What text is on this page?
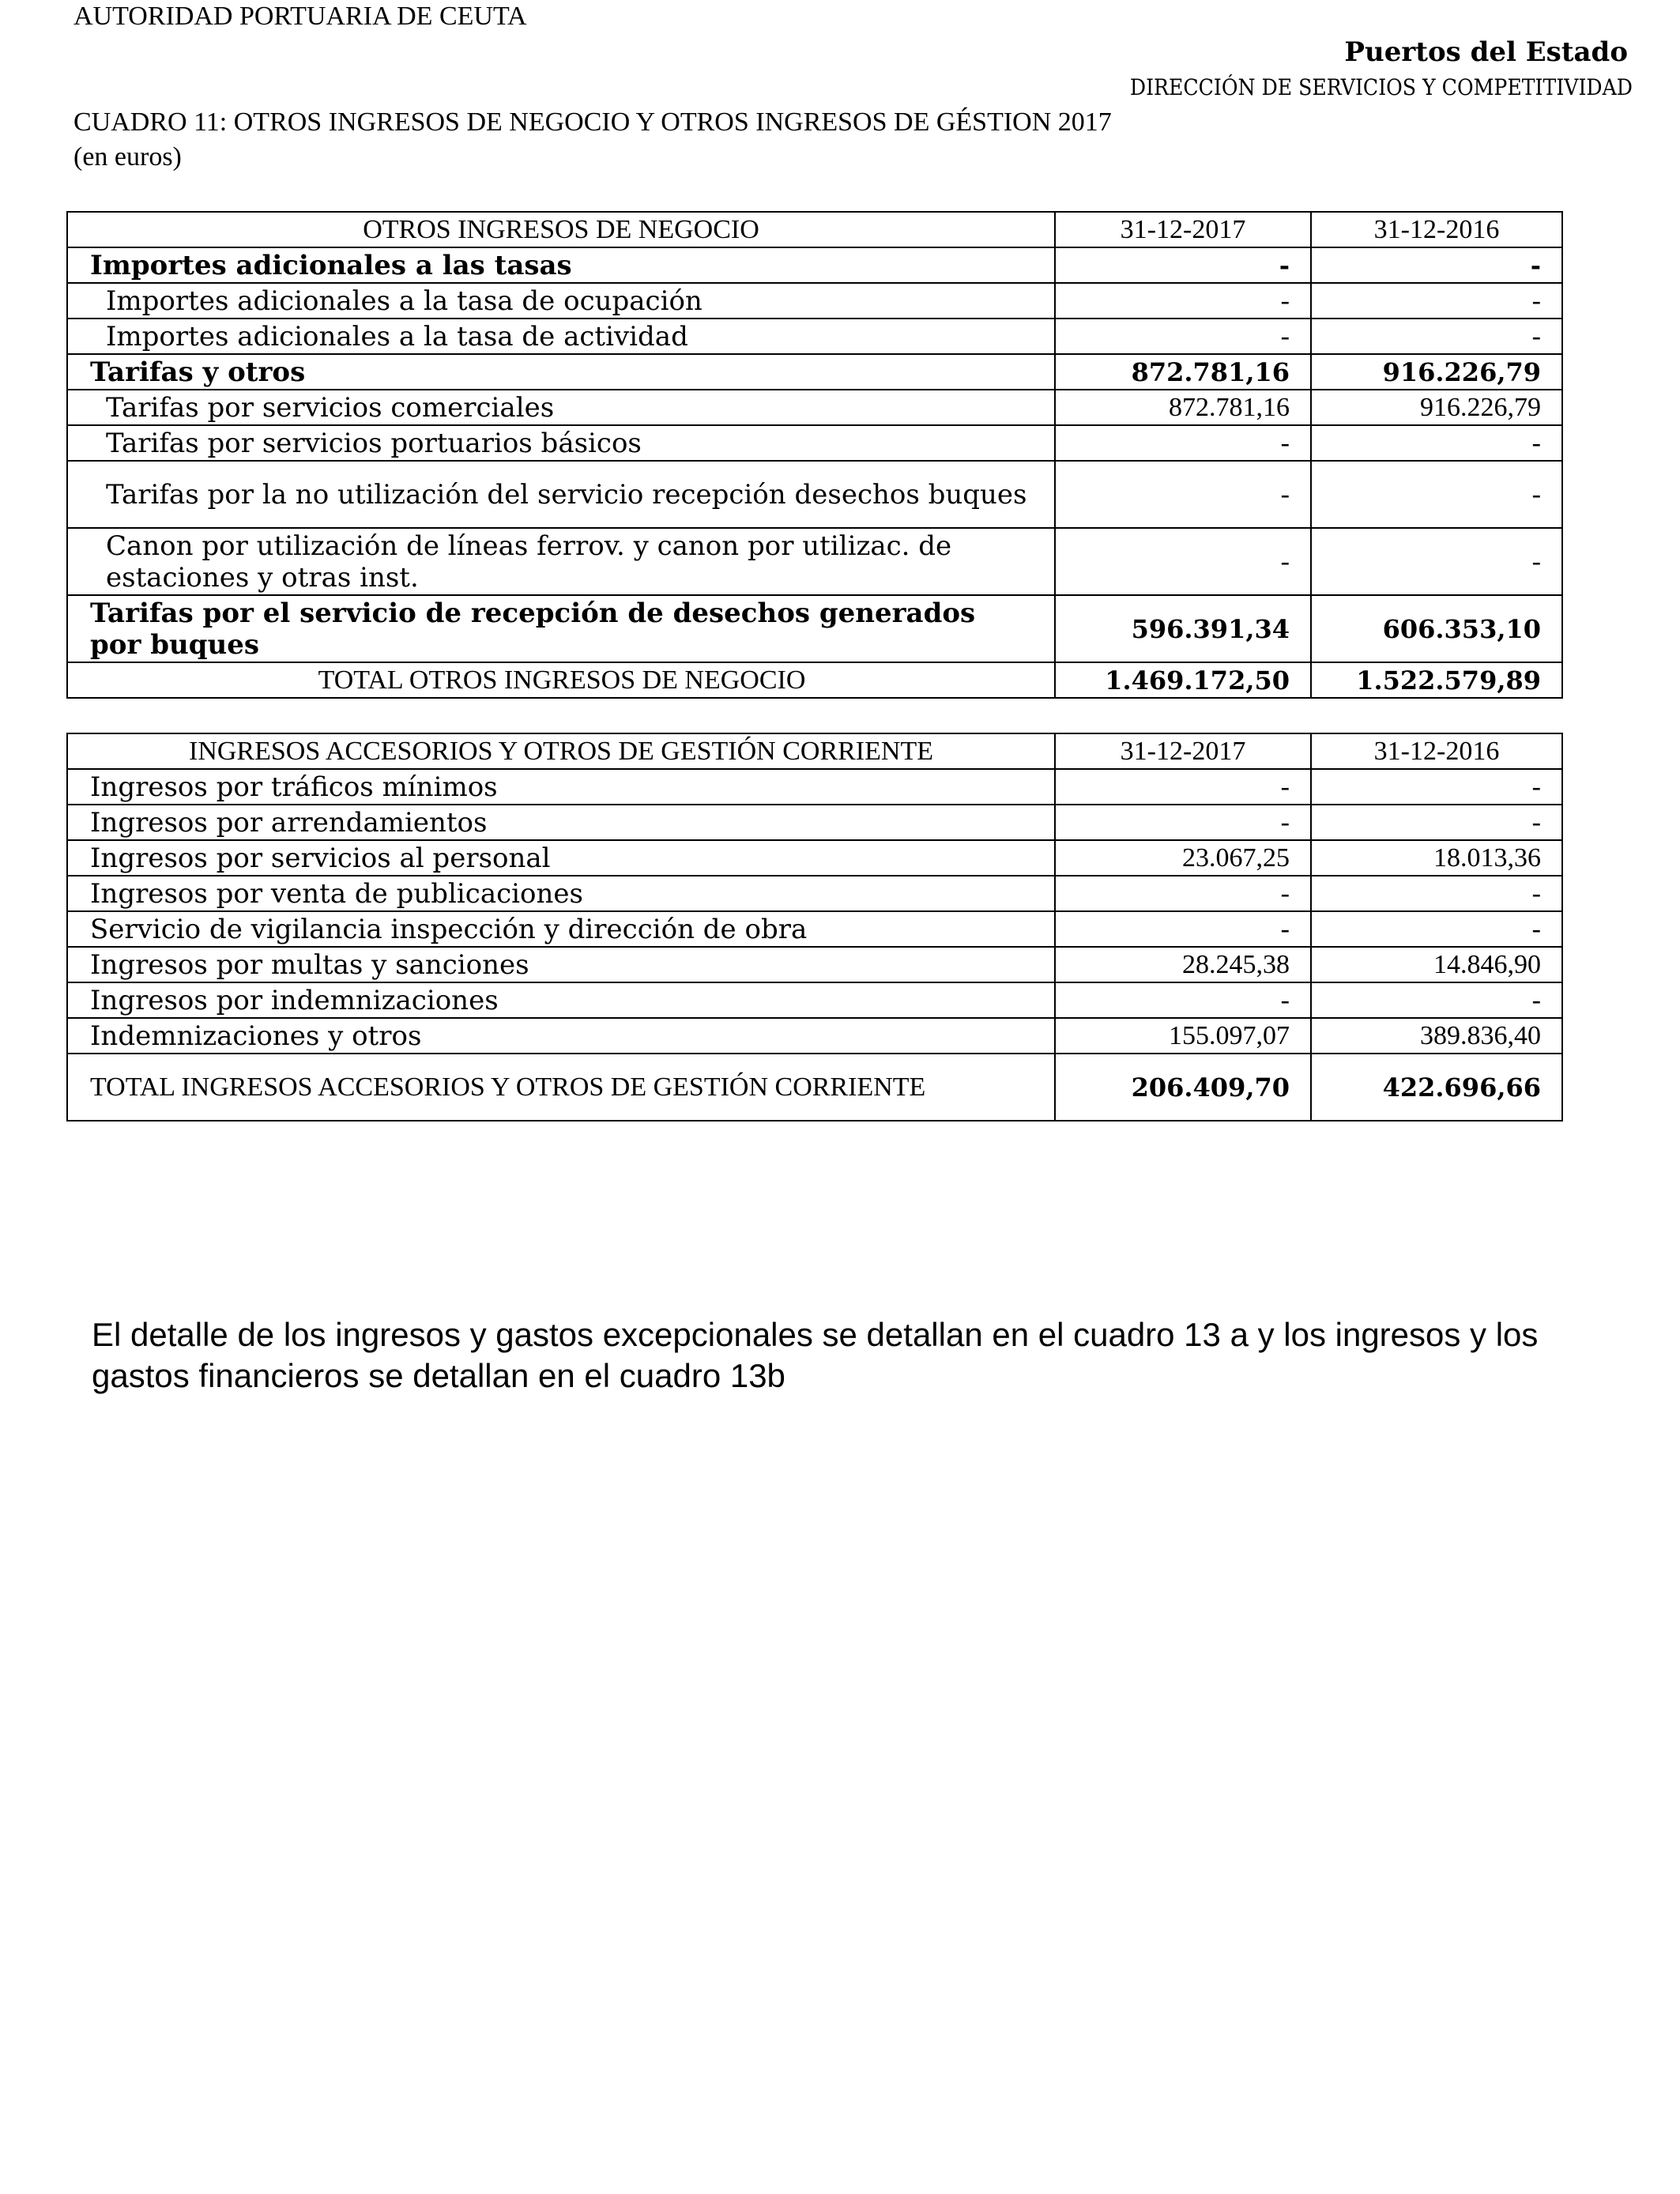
AUTORIDAD PORTUARIA DE CEUTA

Puertos del Estado

DIRECCIÓN DE SERVICIOS Y COMPETITIVIDAD

CUADRO 11: OTROS INGRESOS DE NEGOCIO Y OTROS INGRESOS DE GÉSTION 2017

(en euros)

OTROS INGRESOS DE NEGOCIO	31-12-2017	31-12-2016
Importes adicionales a las tasas	-	-
Importes adicionales a la tasa de ocupación	-	-
Importes adicionales a la tasa de actividad	-	-
Tarifas y otros	872.781,16	916.226,79
Tarifas por servicios comerciales	872.781,16	916.226,79
Tarifas por servicios portuarios básicos	-	-
Tarifas por la no utilización del servicio recepción desechos buques	-	-
Canon por utilización de líneas ferrov. y canon por utilizac. de estaciones y otras inst.	-	-
Tarifas por el servicio de recepción de desechos generados por buques	596.391,34	606.353,10
TOTAL OTROS INGRESOS DE NEGOCIO	1.469.172,50	1.522.579,89
INGRESOS ACCESORIOS Y OTROS DE GESTIÓN CORRIENTE	31-12-2017	31-12-2016
Ingresos por tráficos mínimos	-	-
Ingresos por arrendamientos	-	-
Ingresos por servicios al personal	23.067,25	18.013,36
Ingresos por venta de publicaciones	-	-
Servicio de vigilancia inspección y dirección de obra	-	-
Ingresos por multas y sanciones	28.245,38	14.846,90
Ingresos por indemnizaciones	-	-
Indemnizaciones y otros	155.097,07	389.836,40
TOTAL INGRESOS ACCESORIOS Y OTROS DE GESTIÓN CORRIENTE	206.409,70	422.696,66

El detalle de los ingresos y gastos excepcionales se detallan en el cuadro 13 a y los ingresos y los gastos financieros se detallan en el cuadro 13b
